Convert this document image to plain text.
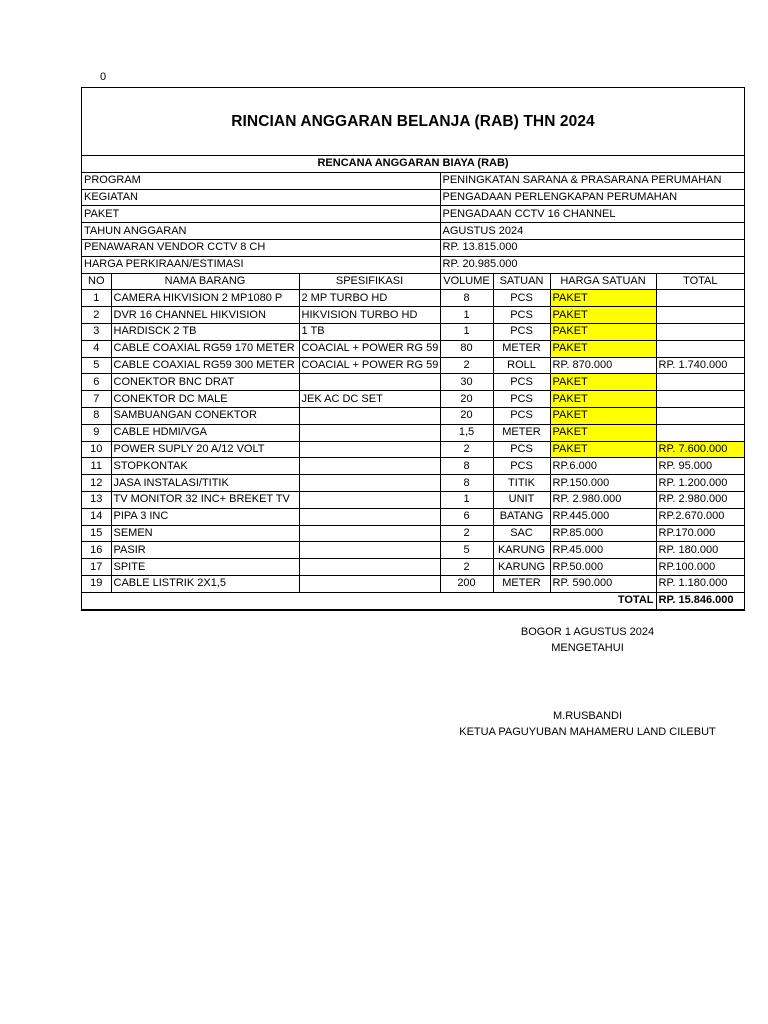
0
RINCIAN ANGGARAN BELANJA (RAB) THN 2024
RENCANA ANGGARAN BIAYA (RAB)						
PROGRAM			PENINGKATAN SARANA & PRASARANA PERUMAHAN			
KEGIATAN			PENGADAAN PERLENGKAPAN PERUMAHAN			
PAKET			PENGADAAN CCTV 16 CHANNEL			
TAHUN ANGGARAN			AGUSTUS 2024			
PENAWARAN VENDOR CCTV 8 CH			RP. 13.815.000			
HARGA PERKIRAAN/ESTIMASI			RP. 20.985.000			
NO	NAMA BARANG	SPESIFIKASI	VOLUME	SATUAN	HARGA SATUAN	TOTAL
1	CAMERA HIKVISION 2 MP1080 P	2 MP TURBO HD	8	PCS	PAKET	
2	DVR 16 CHANNEL HIKVISION	HIKVISION TURBO HD	1	PCS	PAKET	
3	HARDISCK 2 TB	1 TB	1	PCS	PAKET	
4	CABLE COAXIAL RG59 170 METER	COACIAL + POWER RG 59	80	METER	PAKET	
5	CABLE COAXIAL RG59 300 METER	COACIAL + POWER RG 59	2	ROLL	RP. 870.000	RP. 1.740.000
6	CONEKTOR BNC DRAT		30	PCS	PAKET	
7	CONEKTOR DC MALE	JEK AC DC SET	20	PCS	PAKET	
8	SAMBUANGAN CONEKTOR		20	PCS	PAKET	
9	CABLE HDMI/VGA		1,5	METER	PAKET	
10	POWER SUPLY 20 A/12 VOLT		2	PCS	PAKET	RP. 7.600.000
11	STOPKONTAK		8	PCS	RP.6.000	RP. 95.000
12	JASA INSTALASI/TITIK		8	TITIK	RP.150.000	RP. 1.200.000
13	TV MONITOR 32 INC+ BREKET TV		1	UNIT	RP. 2.980.000	RP. 2.980.000
14	PIPA 3 INC		6	BATANG	RP.445.000	RP.2.670.000
15	SEMEN		2	SAC	RP.85.000	RP.170.000
16	PASIR		5	KARUNG	RP.45.000	RP. 180.000
17	SPITE		2	KARUNG	RP.50.000	RP.100.000
19	CABLE LISTRIK 2X1,5		200	METER	RP. 590.000	RP. 1.180.000
TOTAL						RP. 15.846.000
BOGOR 1 AGUSTUS 2024
MENGETAHUI
M.RUSBANDI
KETUA PAGUYUBAN MAHAMERU LAND CILEBUT
